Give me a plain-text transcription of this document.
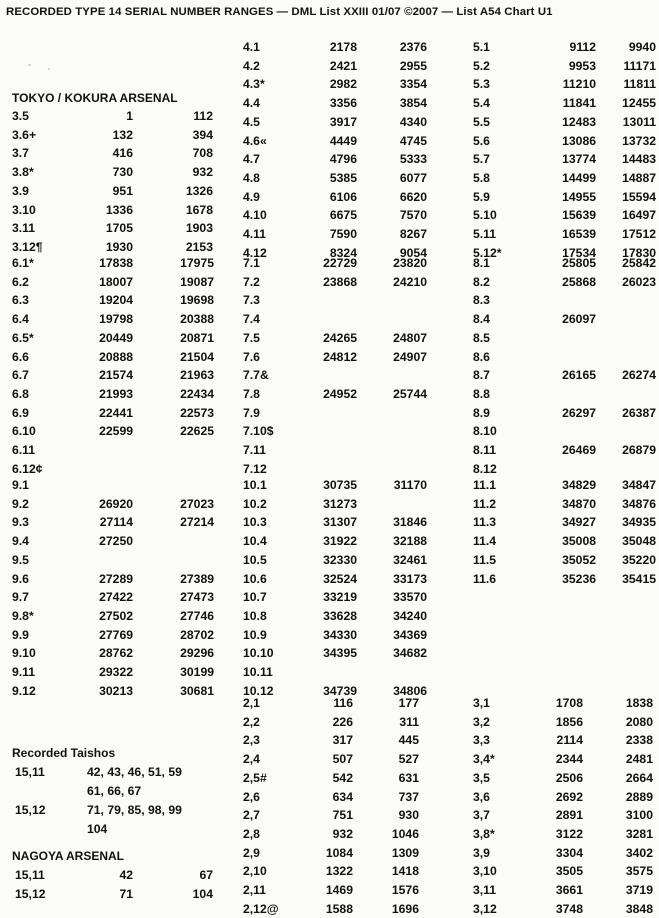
RECORDED TYPE 14 SERIAL NUMBER RANGES — DML List XXIII 01/07 ©2007 — List A54 Chart U1
TOKYO / KOKURA ARSENAL
Recorded Taishos
NAGOYA ARSENAL
3.5	1	112
3.6+	132	394
3.7	416	708
3.8*	730	932
3.9	951	1326
3.10	1336	1678
3.11	1705	1903
3.12¶	1930	2153
4.1	2178	2376
4.2	2421	2955
4.3*	2982	3354
4.4	3356	3854
4.5	3917	4340
4.6«	4449	4745
4.7	4796	5333
4.8	5385	6077
4.9	6106	6620
4.10	6675	7570
4.11	7590	8267
4.12	8324	9054
5.1	9112	9940
5.2	9953 11171
5.3	11210 11811
5.4	11841 12455
5.5	12483 13011
5.6	13086 13732
5.7	13774 14483
5.8	14499 14887
5.9	14955 15594
5.10	15639 16497
5.11	16539 17512
5.12*	17534 17830
6.1*	17838	17975
6.2	18007	19087
6.3	19204	19698
6.4	19798	20388
6.5*	20449	20871
6.6	20888	21504
6.7	21574	21963
6.8	21993	22434
6.9	22441	22573
6.10	22599	22625
6.11
6.12¢
7.1	22729	23820
7.2	23868	24210
7.3
7.4
7.5	24265	24807
7.6	24812	24907
7.7&
7.8	24952	25744
7.9
7.10$
7.11
7.12
8.1	25805 25842
8.2	25868 26023
8.3
8.4	26097
8.5
8.6
8.7	26165 26274
8.8
8.9	26297 26387
8.10
8.11	26469 26879
8.12
9.1
9.2	26920	27023
9.3	27114	27214
9.4	27250
9.5
9.6	27289	27389
9.7	27422	27473
9.8*	27502	27746
9.9	27769	28702
9.10	28762	29296
9.11	29322	30199
9.12	30213	30681
10.1	30735	31170
10.2	31273
10.3	31307	31846
10.4	31922	32188
10.5	32330	32461
10.6	32524	33173
10.7	33219	33570
10.8	33628	34240
10.9	34330	34369
10.10	34395	34682
10.11
10.12	34739	34806
11.1	34829 34847
11.2	34870 34876
11.3	34927 34935
11.4	35008 35048
11.5	35052 35220
11.6	35236 35415
2,1	116	177
2,2	226	311
2,3	317	445
2,4	507	527
2,5#	542	631
2,6	634	737
2,7	751	930
2,8	932	1046
2,9	1084	1309
2,10	1322	1418
2,11	1469	1576
2,12@	1588	1696
3,1	1708	1838
3,2	1856	2080
3,3	2114	2338
3,4*	2344	2481
3,5	2506	2664
3,6	2692	2889
3,7	2891	3100
3,8*	3122	3281
3,9	3304	3402
3,10	3505	3575
3,11	3661	3719
3,12	3748	3848
15,11	42, 43, 46, 51, 59
61, 66, 67
15,12	71, 79, 85, 98, 99
104
15,11	42	67
15,12	71	104
